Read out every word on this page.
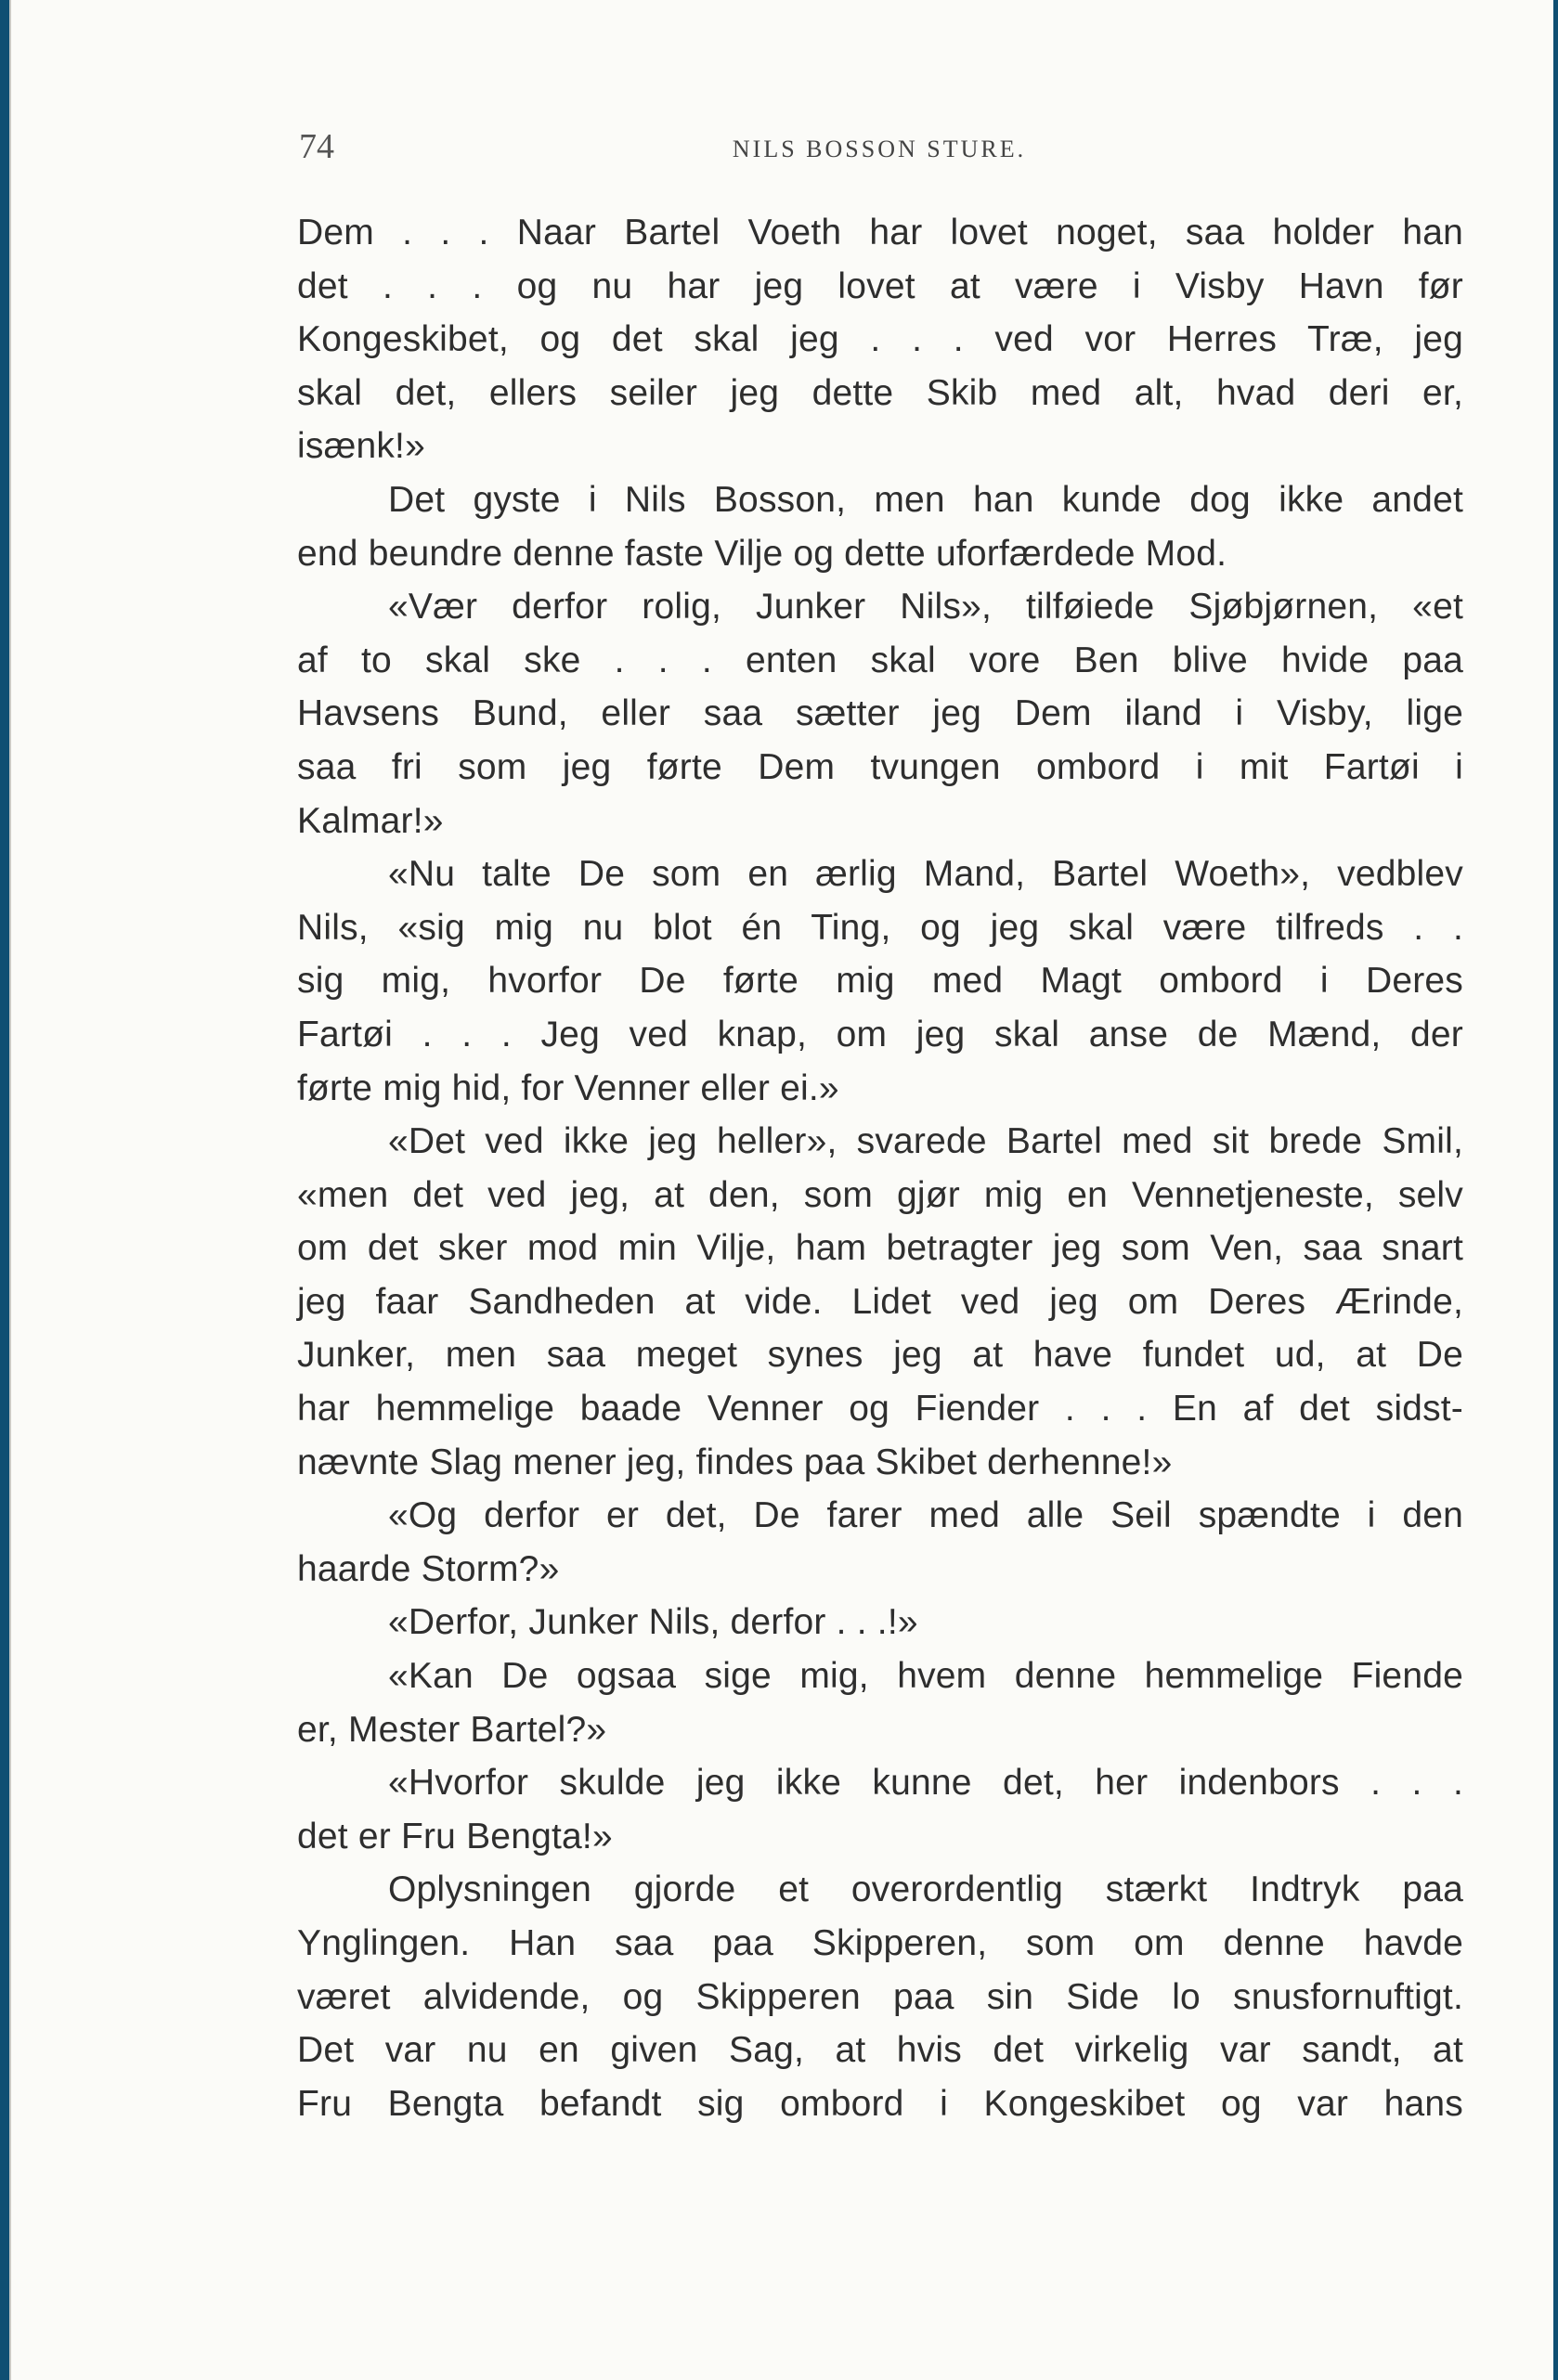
74	NILS BOSSON STURE.
Dem . . . Naar Bartel Voeth har lovet noget, saa holder han
det . . . og nu har jeg lovet at være i Visby Havn før
Kongeskibet, og det skal jeg . . . ved vor Herres Træ, jeg
skal det, ellers seiler jeg dette Skib med alt, hvad deri er,
isænk!»
Det gyste i Nils Bosson, men han kunde dog ikke andet
end beundre denne faste Vilje og dette uforfærdede Mod.
«Vær derfor rolig, Junker Nils», tilføiede Sjøbjørnen, «et
af to skal ske . . . enten skal vore Ben blive hvide paa
Havsens Bund, eller saa sætter jeg Dem iland i Visby, lige
saa fri som jeg førte Dem tvungen ombord i mit Fartøi i
Kalmar!»
«Nu talte De som en ærlig Mand, Bartel Woeth», vedblev
Nils, «sig mig nu blot én Ting, og jeg skal være tilfreds . .
sig mig, hvorfor De førte mig med Magt ombord i Deres
Fartøi . . . Jeg ved knap, om jeg skal anse de Mænd, der
førte mig hid, for Venner eller ei.»
«Det ved ikke jeg heller», svarede Bartel med sit brede Smil,
«men det ved jeg, at den, som gjør mig en Vennetjeneste, selv
om det sker mod min Vilje, ham betragter jeg som Ven, saa snart
jeg faar Sandheden at vide. Lidet ved jeg om Deres Ærinde,
Junker, men saa meget synes jeg at have fundet ud, at De
har hemmelige baade Venner og Fiender . . . En af det sidst-
nævnte Slag mener jeg, findes paa Skibet derhenne!»
«Og derfor er det, De farer med alle Seil spændte i den
haarde Storm?»
«Derfor, Junker Nils, derfor . . .!»
«Kan De ogsaa sige mig, hvem denne hemmelige Fiende
er, Mester Bartel?»
«Hvorfor skulde jeg ikke kunne det, her indenbors . . .
det er Fru Bengta!»
Oplysningen gjorde et overordentlig stærkt Indtryk paa
Ynglingen. Han saa paa Skipperen, som om denne havde
været alvidende, og Skipperen paa sin Side lo snusfornuftigt.
Det var nu en given Sag, at hvis det virkelig var sandt, at
Fru Bengta befandt sig ombord i Kongeskibet og var hans
